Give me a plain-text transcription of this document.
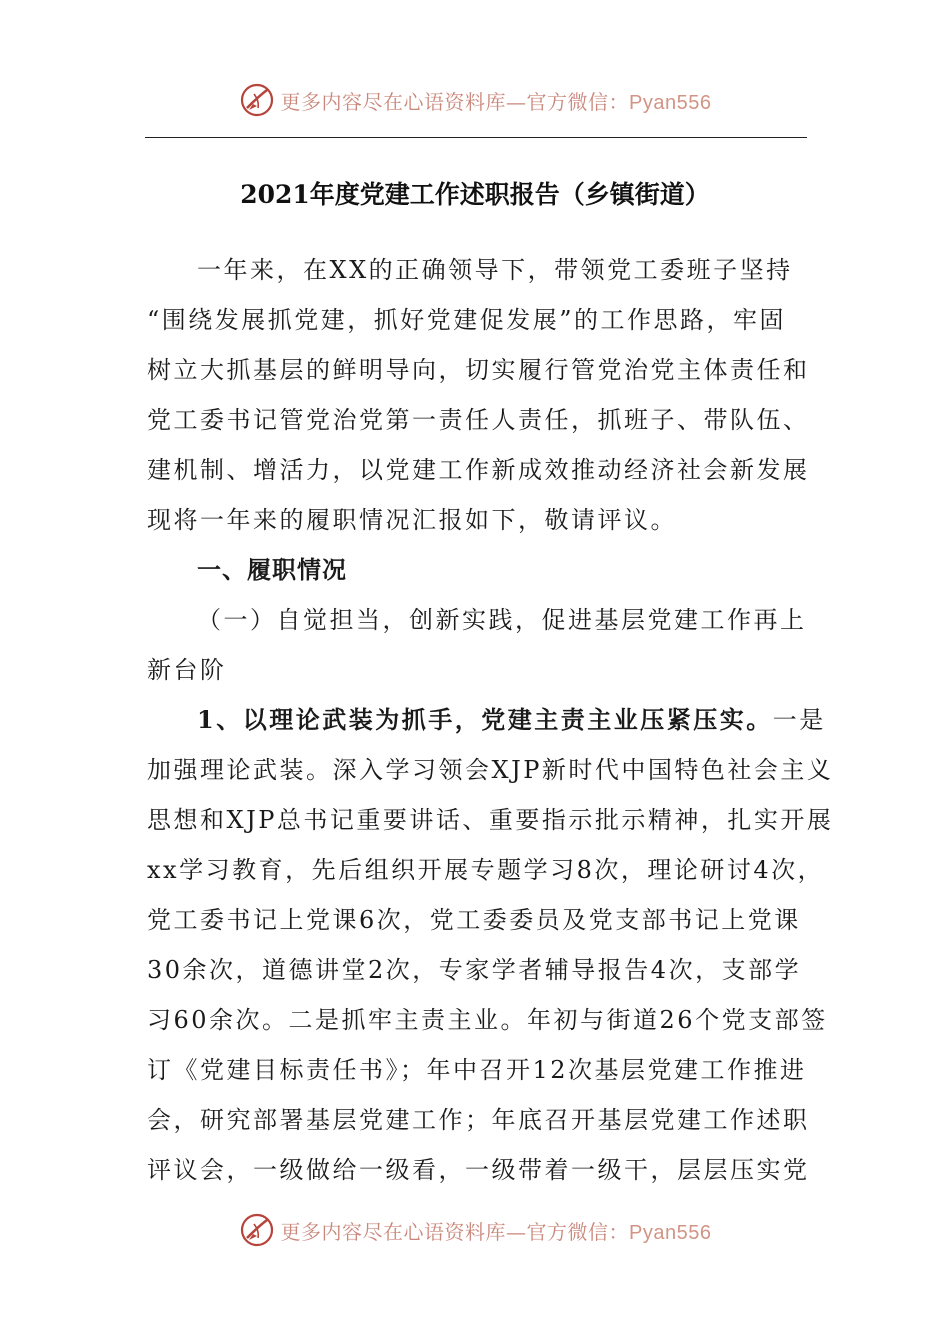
更多内容尽在心语资料库—官方微信：Pyan556
2021年度党建工作述职报告（乡镇街道）
一年来，在XX的正确领导下，带领党工委班子坚持
“围绕发展抓党建，抓好党建促发展”的工作思路，牢固
树立大抓基层的鲜明导向，切实履行管党治党主体责任和
党工委书记管党治党第一责任人责任，抓班子、带队伍、
建机制、增活力，以党建工作新成效推动经济社会新发展
现将一年来的履职情况汇报如下，敬请评议。
一、履职情况
（一）自觉担当，创新实践，促进基层党建工作再上
新台阶
1、以理论武装为抓手，党建主责主业压紧压实。一是
加强理论武装。深入学习领会XJP新时代中国特色社会主义
思想和XJP总书记重要讲话、重要指示批示精神，扎实开展
xx学习教育，先后组织开展专题学习8次，理论研讨4次，
党工委书记上党课6次，党工委委员及党支部书记上党课
30余次，道德讲堂2次，专家学者辅导报告4次，支部学
习60余次。二是抓牢主责主业。年初与街道26个党支部签
订《党建目标责任书》；年中召开12次基层党建工作推进
会，研究部署基层党建工作；年底召开基层党建工作述职
评议会，一级做给一级看，一级带着一级干，层层压实党
更多内容尽在心语资料库—官方微信：Pyan556
